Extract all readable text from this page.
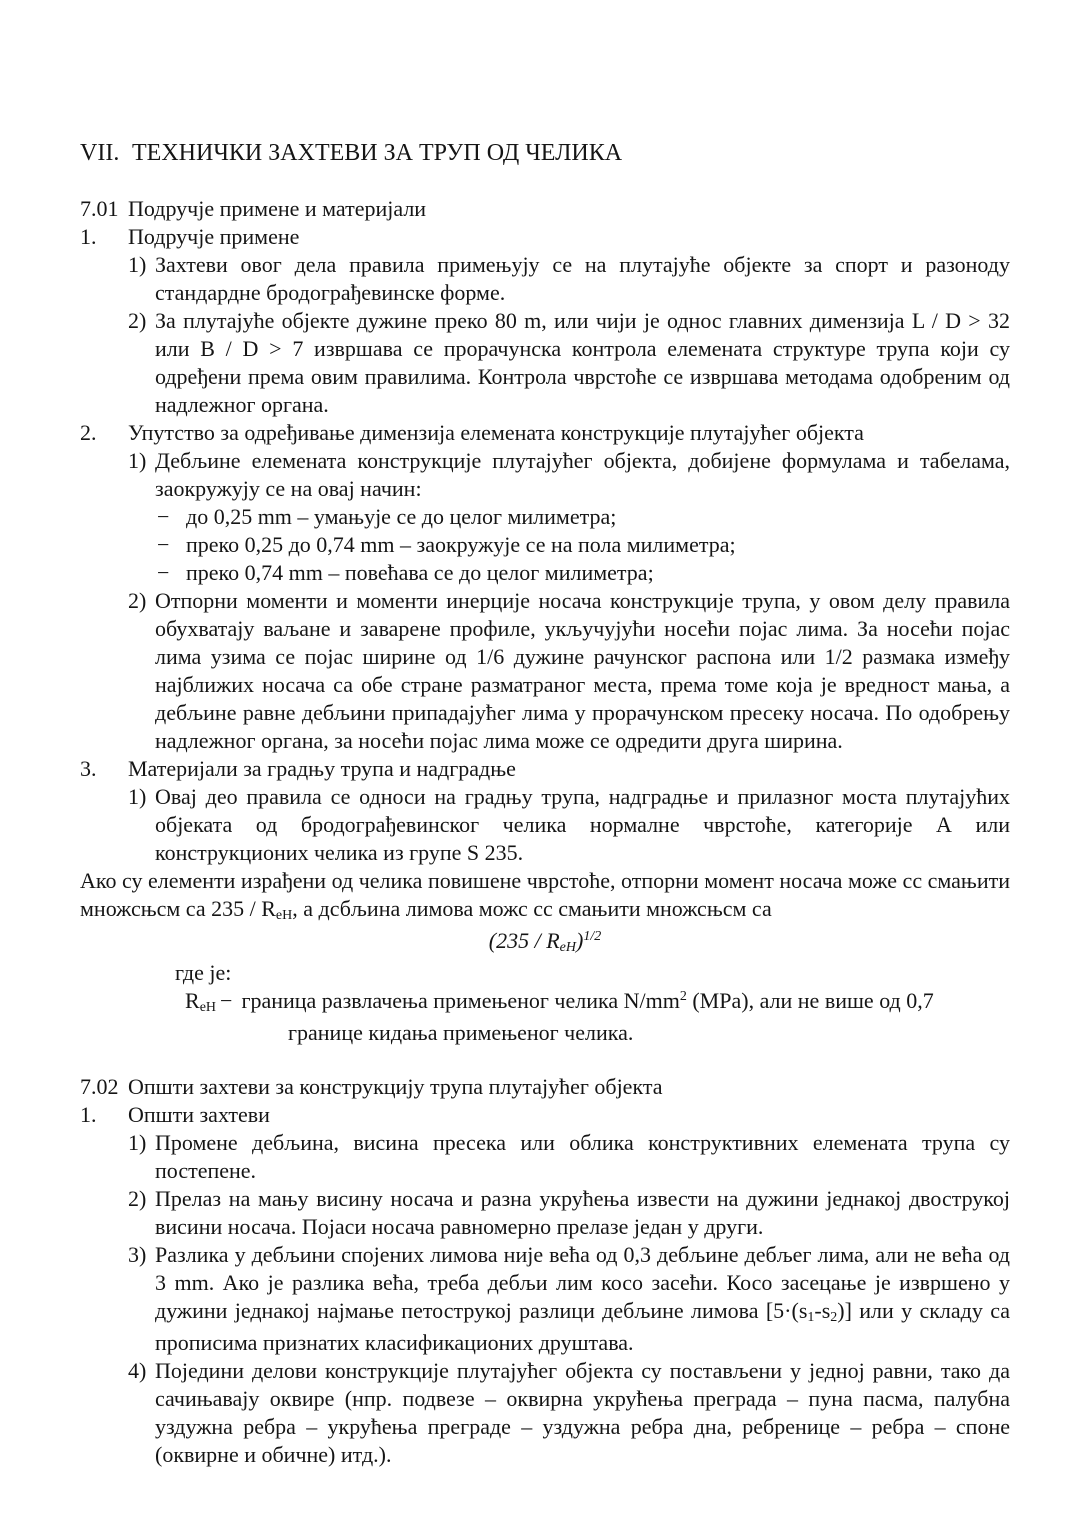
VII. ТЕХНИЧКИ ЗАХТЕВИ ЗА ТРУП ОД ЧЕЛИКА
7.01 Подручје примене и материјали
1.	Подручје примене
1) Захтеви овог дела правила примењују се на плутајуће објекте за спорт и разоноду стандардне бродограђевинске форме.
2) За плутајуће објекте дужине преко 80 m, или чији је однос главних димензија L / D > 32 или B / D > 7 извршава се прорачунска контрола елемената структуре трупа који су одређени према овим правилима. Контрола чврстоће се извршава методама одобреним од надлежног органа.
2.	Упутство за одређивање димензија елемената конструкције плутајућег објекта
1) Дебљине елемената конструкције плутајућег објекта, добијене формулама и табелама, заокружују се на овај начин:
− до 0,25 mm – умањује се до целог милиметра;
− преко 0,25 до 0,74 mm – заокружује се на пола милиметра;
− преко 0,74 mm – повећава се до целог милиметра;
2) Отпорни моменти и моменти инерције носача конструкције трупа, у овом делу правила обухватају ваљане и заварене профиле, укључујући носећи појас лима. За носећи појас лима узима се појас ширине од 1/6 дужине рачунског распона или 1/2 размака између најближих носача са обе стране разматраног места, према томе која је вредност мања, а дебљине равне дебљини припадајућег лима у прорачунском пресеку носача. По одобрењу надлежног органа, за носећи појас лима може се одредити друга ширина.
3.	Материјали за градњу трупа и надградње
1) Овај део правила се односи на градњу трупа, надградње и прилазног моста плутајућих објеката од бродограђевинског челика нормалне чврстоће, категорије А или конструкционих челика из групе S 235.
Ако су елементи израђени од челика повишене чврстоће, отпорни момент носача може сс смањити множсњсм са 235 / ReH, а дсбљина лимова можс сс смањити множсњсм са
(235 / ReH)$^{1/2}$
где је:
ReH − граница развлачења примењеног челика $N/mm^2$ (MPa), али не више од 0,7
границе кидања примењеног челика.
7.02 Општи захтеви за конструкцију трупа плутајућег објекта
1.	Општи захтеви
1) Промене дебљина, висина пресека или облика конструктивних елемената трупа су постепене.
2) Прелаз на мању висину носача и разна укрућења извести на дужини једнакој двострукој висини носача. Појаси носача равномерно прелазе један у други.
3) Разлика у дебљини спојених лимова није већа од 0,3 дебљине дебљег лима, али не већа од 3 mm. Ако је разлика већа, треба дебљи лим косо засећи. Косо засецање је извршено у дужини једнакој најмање петострукој разлици дебљине лимова [5·(s1-s2)] или у складу са прописима признатих класификационих друштава.
4) Поједини делови конструкције плутајућег објекта су постављени у једној равни, тако да сачињавају оквире (нпр. подвезе – оквирна укрућења преграда – пуна пасма, палубна уздужна ребра – укрућења преграде – уздужна ребра дна, ребренице – ребра – споне (оквирне и обичне) итд.).
